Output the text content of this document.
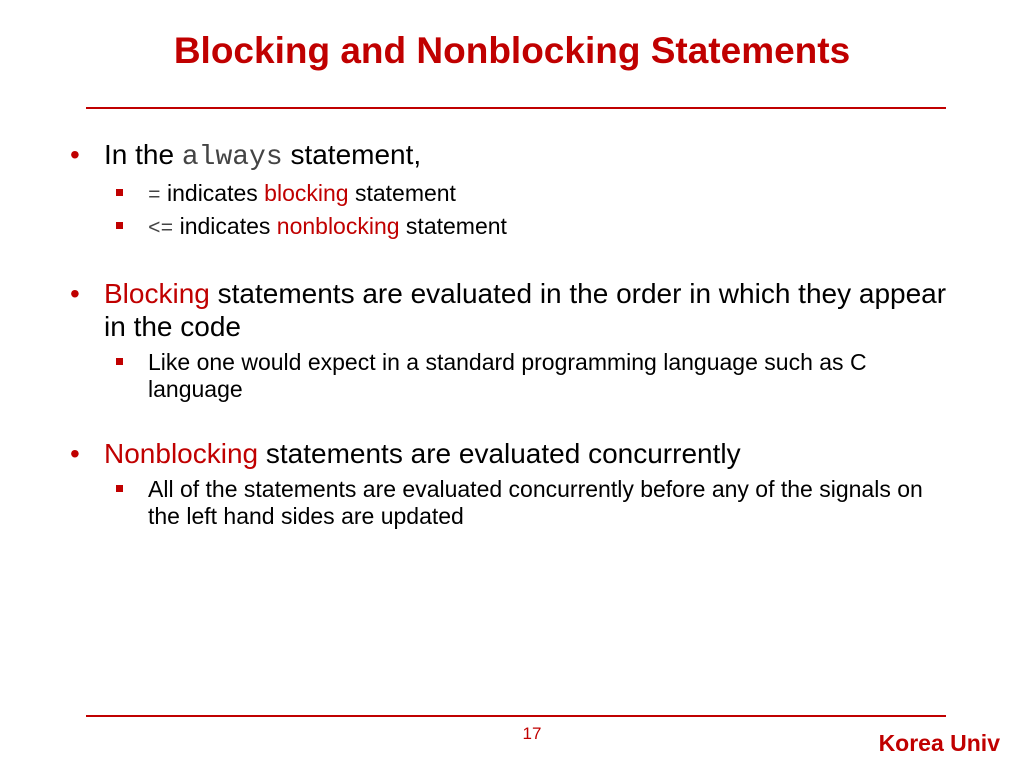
Blocking and Nonblocking Statements

• In the always statement,

= indicates blocking statement

<= indicates nonblocking statement

• Blocking statements are evaluated in the order in which they appear in the code

Like one would expect in a standard programming language such as C language

• Nonblocking statements are evaluated concurrently

All of the statements are evaluated concurrently before any of the signals on the left hand sides are updated

17	Korea Univ
